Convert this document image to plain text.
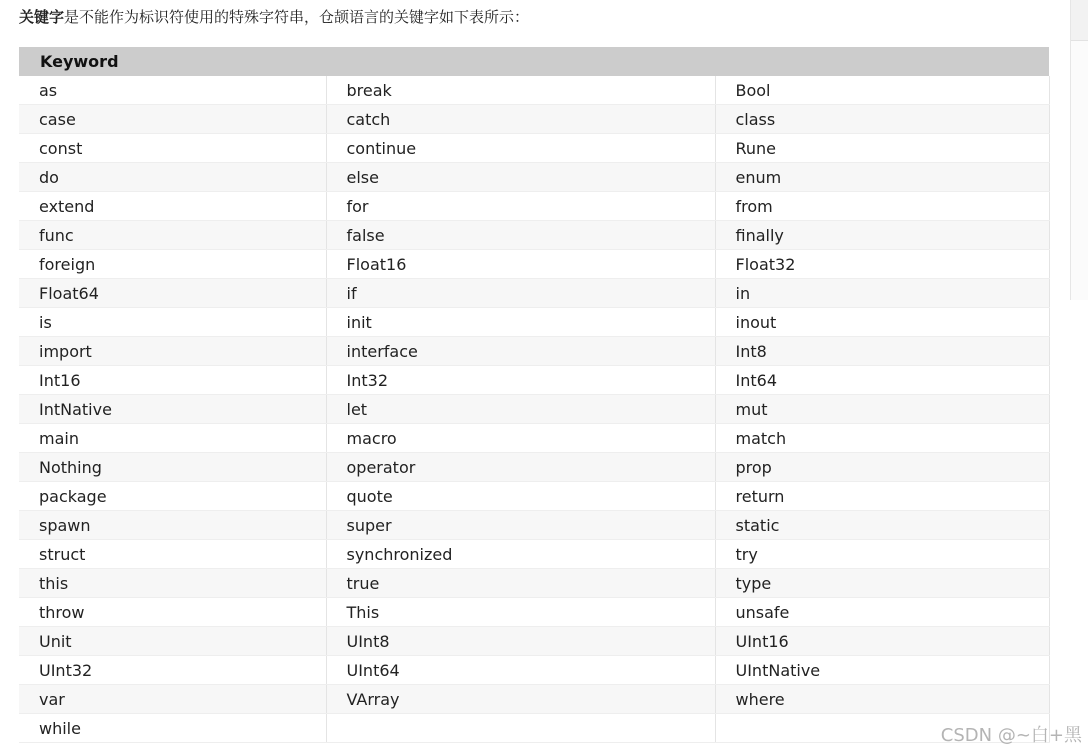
关键字是不能作为标识符使用的特殊字符串，仓颉语言的关键字如下表所示：
Keyword		
as	break	Bool
case	catch	class
const	continue	Rune
do	else	enum
extend	for	from
func	false	finally
foreign	Float16	Float32
Float64	if	in
is	init	inout
import	interface	Int8
Int16	Int32	Int64
IntNative	let	mut
main	macro	match
Nothing	operator	prop
package	quote	return
spawn	super	static
struct	synchronized	try
this	true	type
throw	This	unsafe
Unit	UInt8	UInt16
UInt32	UInt64	UIntNative
var	VArray	where
while			CSDN @~白+黑
